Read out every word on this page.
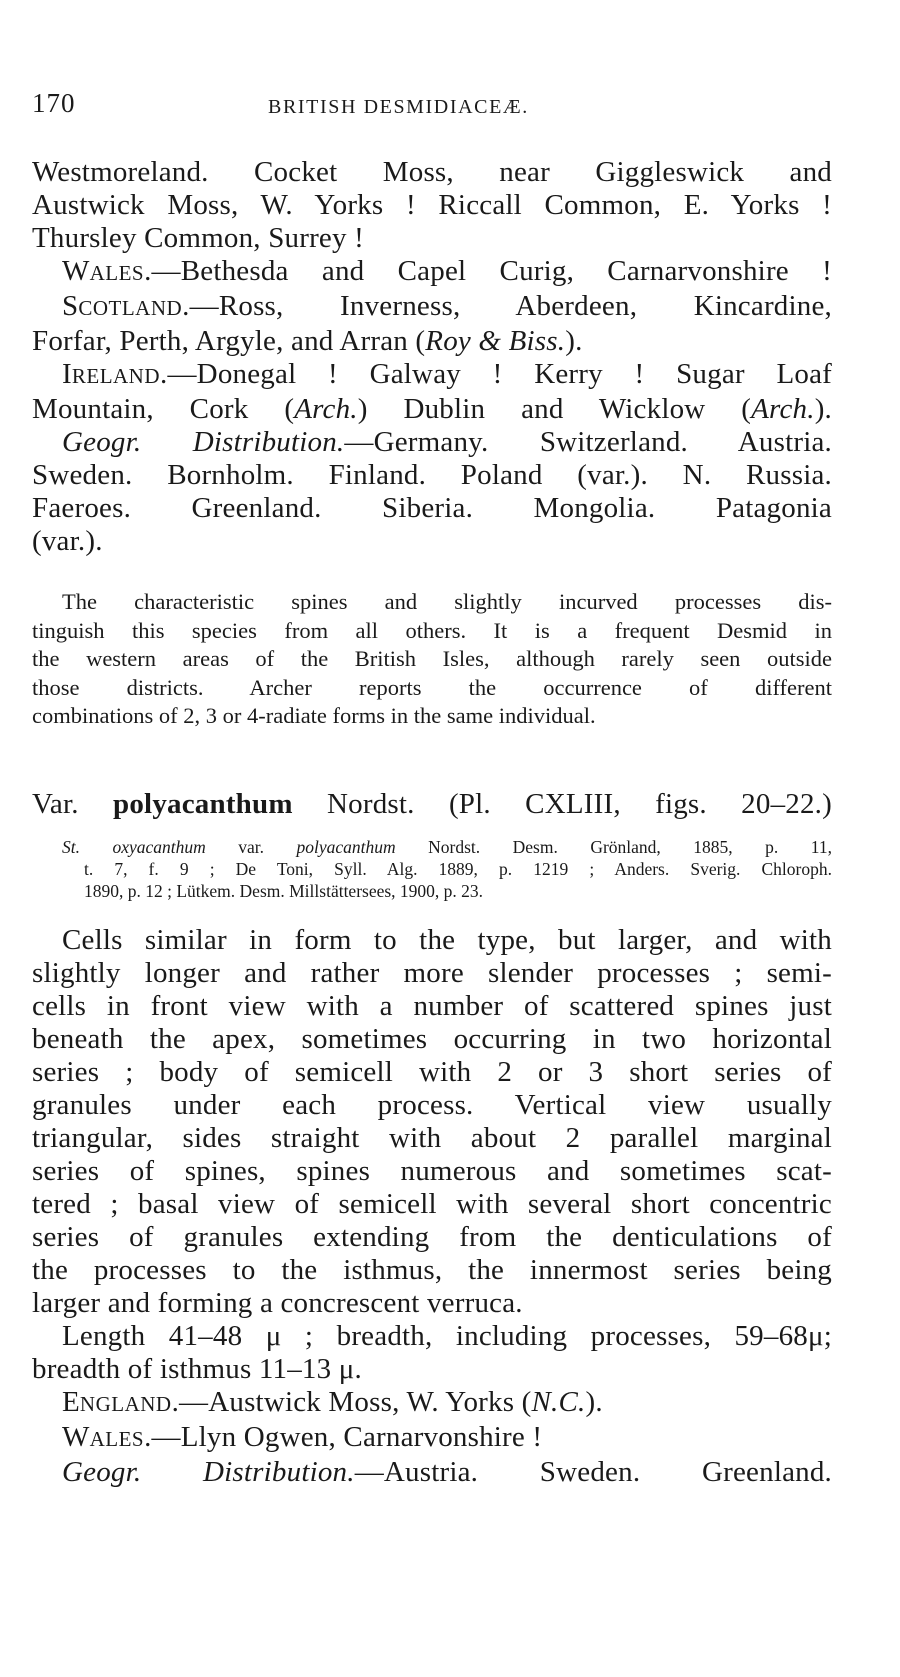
170	BRITISH DESMIDIACEÆ.
Westmoreland. Cocket Moss, near Giggleswick and
Austwick Moss, W. Yorks ! Riccall Common, E. Yorks !
Thursley Common, Surrey !
WALES.—Bethesda and Capel Curig, Carnarvonshire !
SCOTLAND.—Ross, Inverness, Aberdeen, Kincardine,
Forfar, Perth, Argyle, and Arran (Roy & Biss.).
IRELAND.—Donegal ! Galway ! Kerry ! Sugar Loaf
Mountain, Cork (Arch.) Dublin and Wicklow (Arch.).
Geogr. Distribution.—Germany. Switzerland. Austria.
Sweden. Bornholm. Finland. Poland (var.). N. Russia.
Faeroes. Greenland. Siberia. Mongolia. Patagonia
(var.).
The characteristic spines and slightly incurved processes dis-
tinguish this species from all others. It is a frequent Desmid in
the western areas of the British Isles, although rarely seen outside
those districts. Archer reports the occurrence of different
combinations of 2, 3 or 4-radiate forms in the same individual.
Var. polyacanthum Nordst. (Pl. CXLIII, figs. 20–22.)
St. oxyacanthum var. polyacanthum Nordst. Desm. Grönland, 1885, p. 11,
t. 7, f. 9 ; De Toni, Syll. Alg. 1889, p. 1219 ; Anders. Sverig. Chloroph.
1890, p. 12 ; Lütkem. Desm. Millstättersees, 1900, p. 23.
Cells similar in form to the type, but larger, and with
slightly longer and rather more slender processes ; semi-
cells in front view with a number of scattered spines just
beneath the apex, sometimes occurring in two horizontal
series ; body of semicell with 2 or 3 short series of
granules under each process. Vertical view usually
triangular, sides straight with about 2 parallel marginal
series of spines, spines numerous and sometimes scat-
tered ; basal view of semicell with several short concentric
series of granules extending from the denticulations of
the processes to the isthmus, the innermost series being
larger and forming a concrescent verruca.
Length 41–48 μ ; breadth, including processes, 59–68μ;
breadth of isthmus 11–13 μ.
ENGLAND.—Austwick Moss, W. Yorks (N.C.).
WALES.—Llyn Ogwen, Carnarvonshire !
Geogr. Distribution.—Austria. Sweden. Greenland.
